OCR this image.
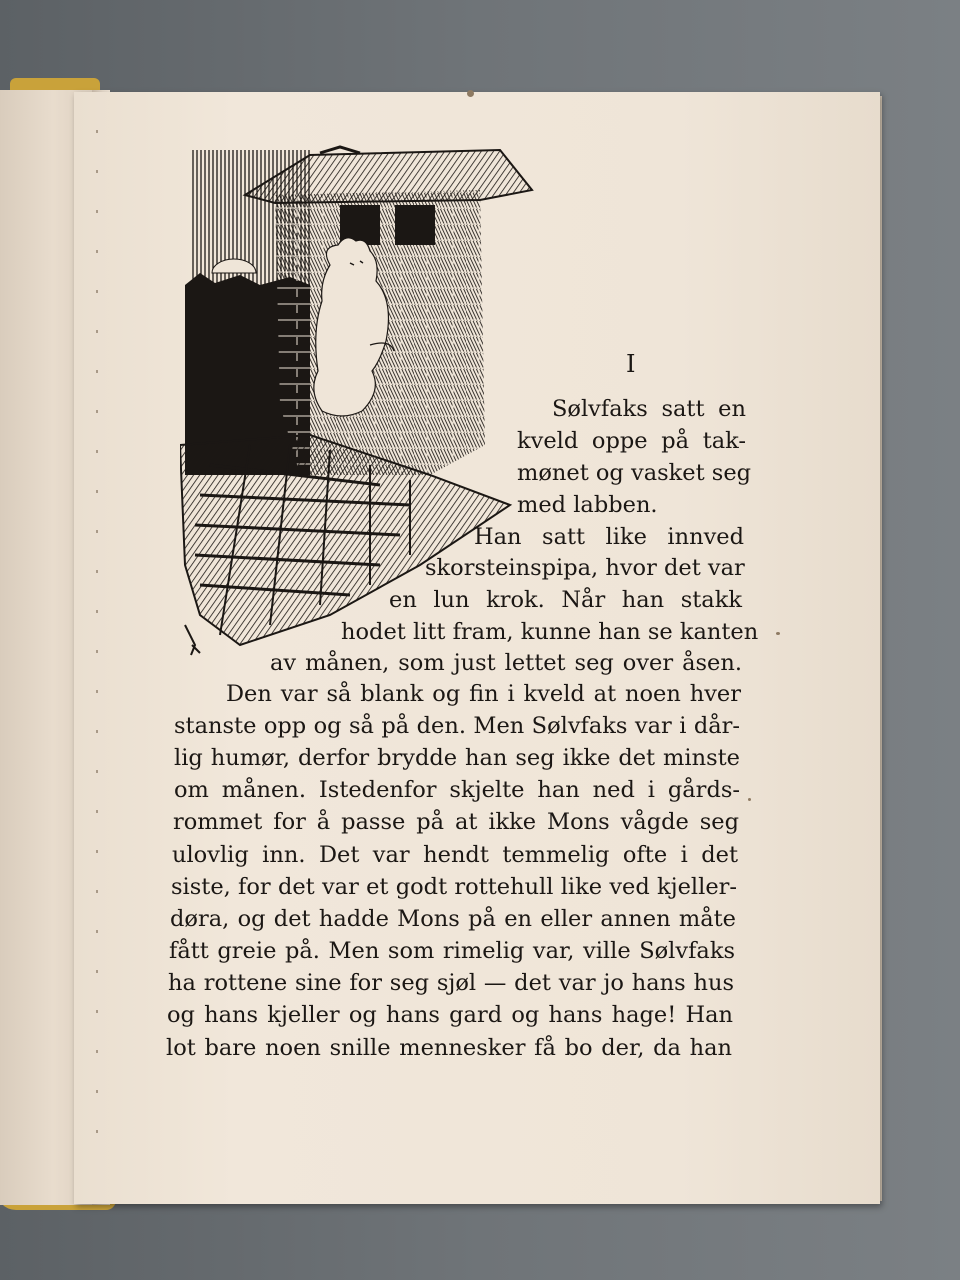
I
Sølvfaks satt en
kveld oppe på tak-
mønet og vasket seg
med labben.
Han satt like innved
skorsteinspipa, hvor det var
en lun krok. Når han stakk
hodet litt fram, kunne han se kanten
av månen, som just lettet seg over åsen.
Den var så blank og fin i kveld at noen hver
stanste opp og så på den. Men Sølvfaks var i dår-
lig humør, derfor brydde han seg ikke det minste
om månen. Istedenfor skjelte han ned i gårds-
rommet for å passe på at ikke Mons vågde seg
ulovlig inn. Det var hendt temmelig ofte i det
siste, for det var et godt rottehull like ved kjeller-
døra, og det hadde Mons på en eller annen måte
fått greie på. Men som rimelig var, ville Sølvfaks
ha rottene sine for seg sjøl — det var jo hans hus
og hans kjeller og hans gard og hans hage! Han
lot bare noen snille mennesker få bo der, da han
